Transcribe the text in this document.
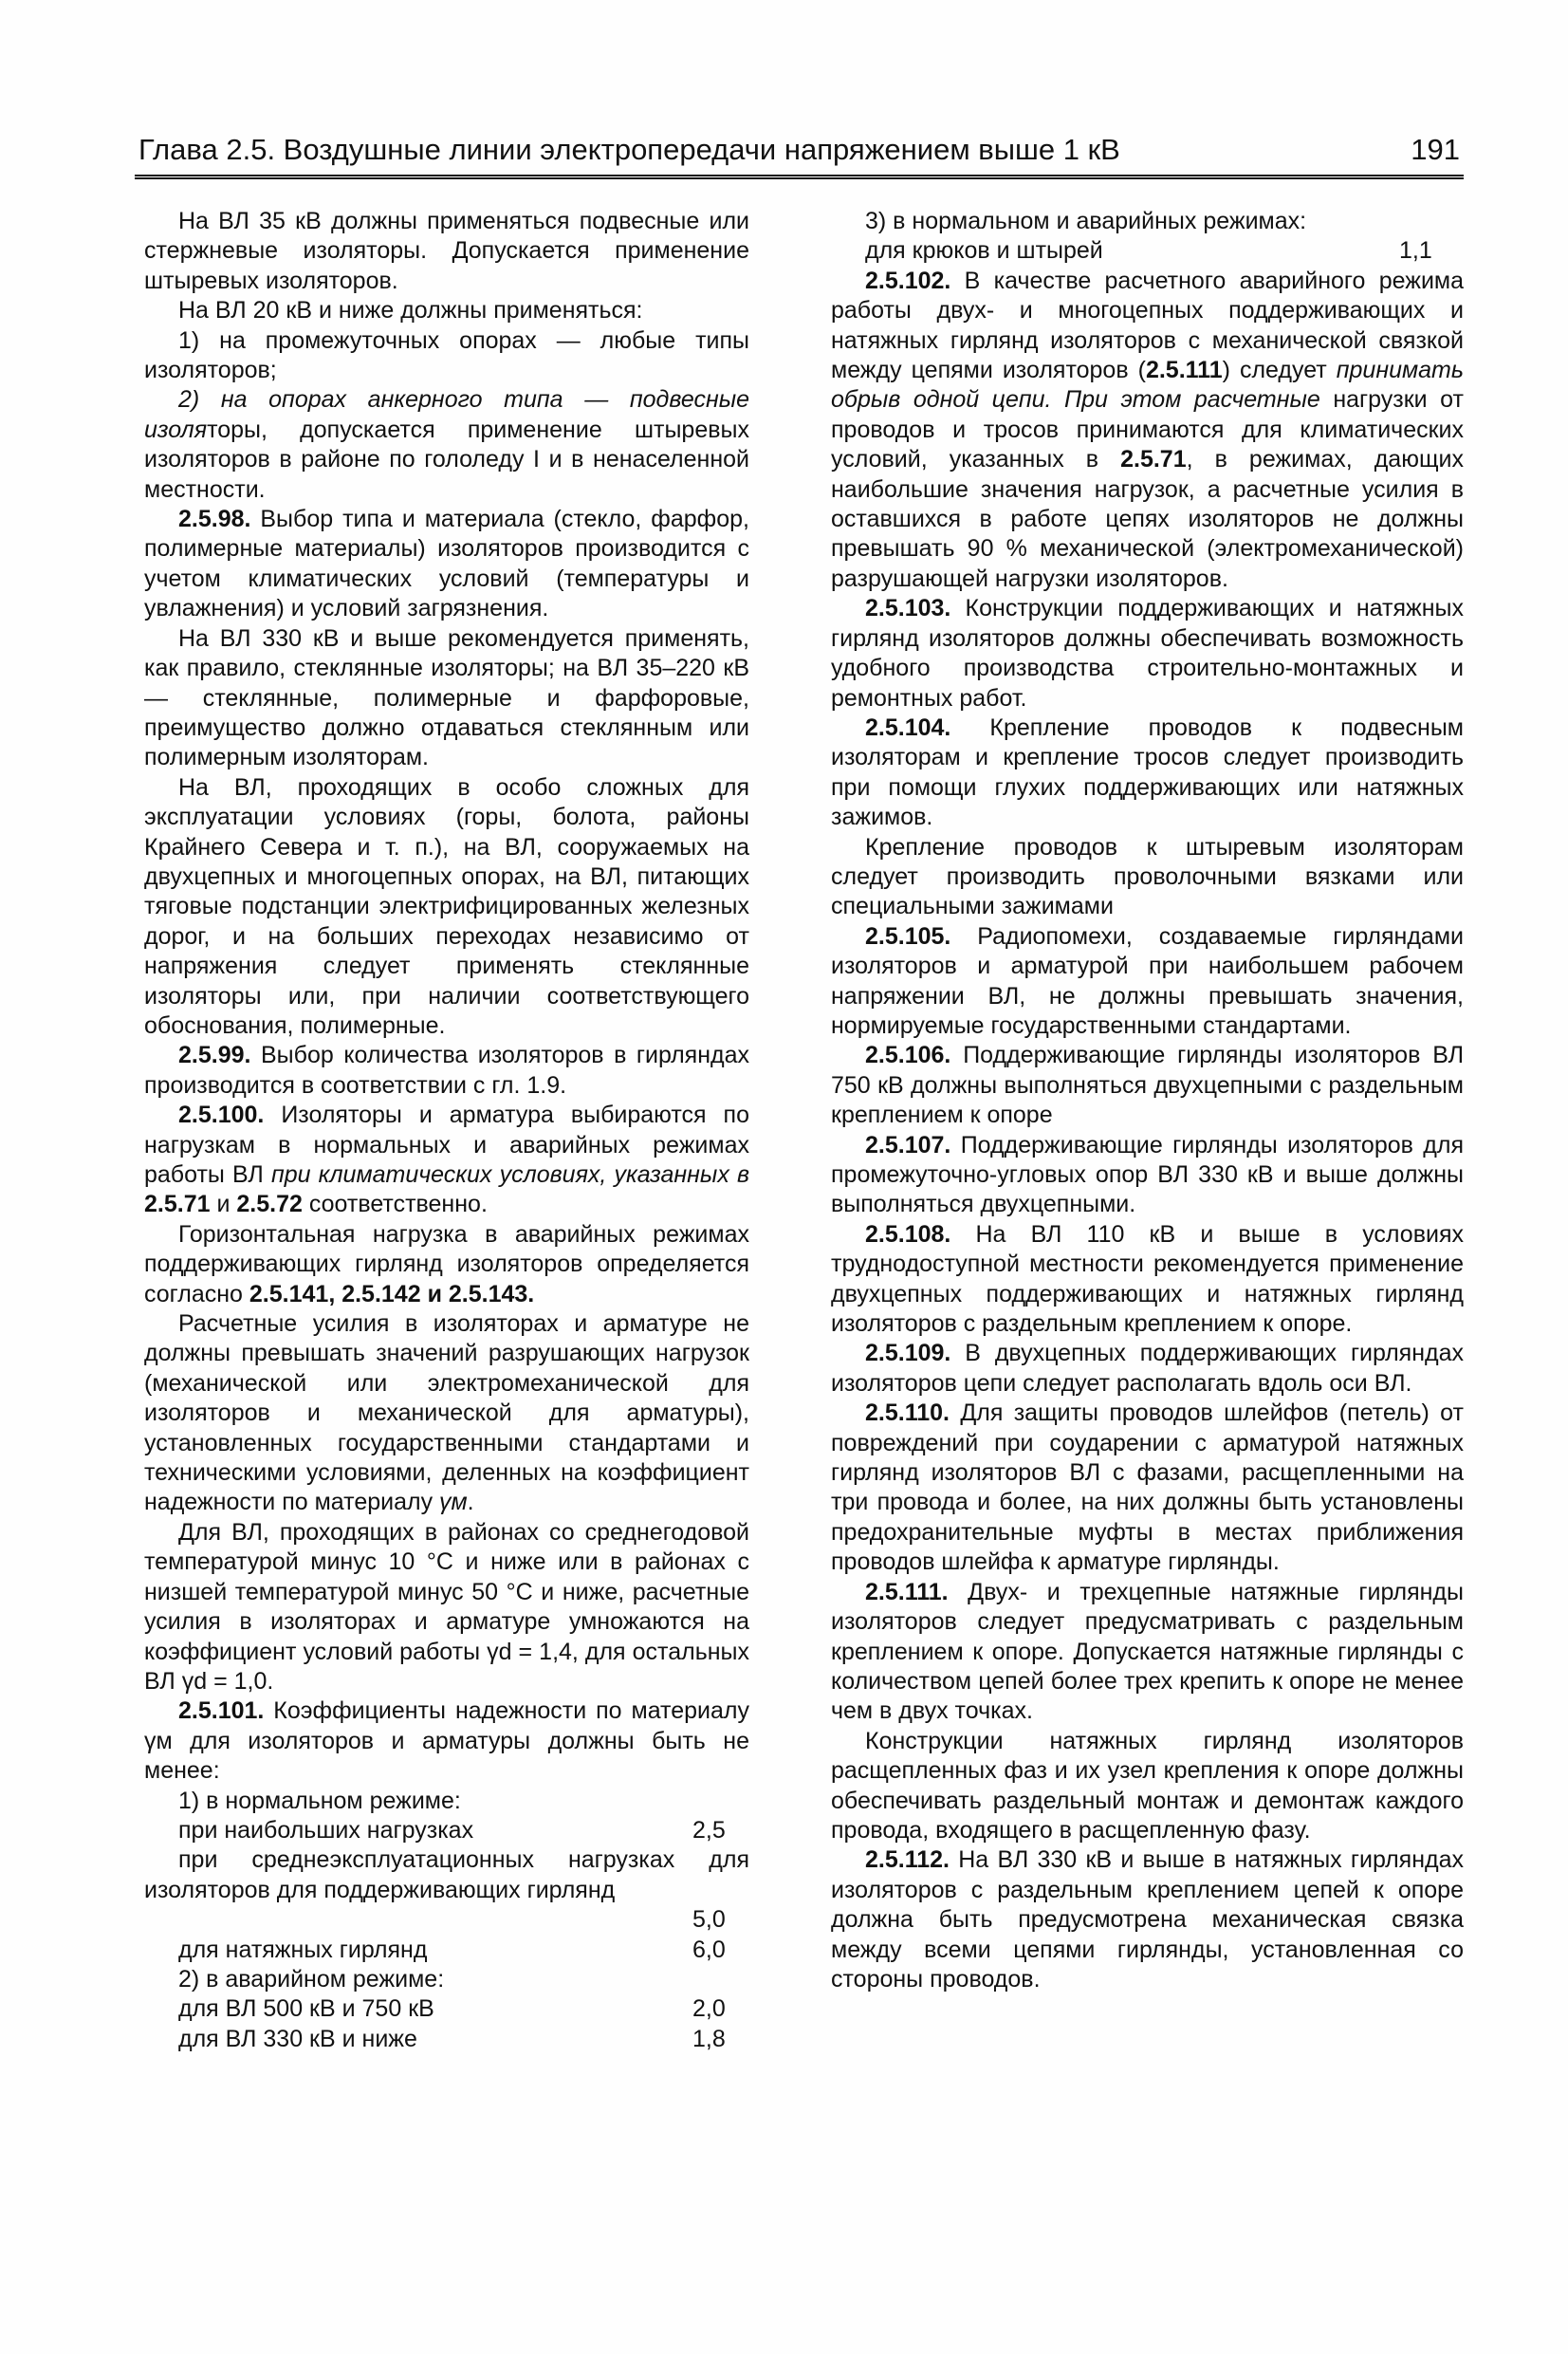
Глава 2.5. Воздушные линии электропередачи напряжением выше 1 кВ	191

На ВЛ 35 кВ должны применяться подвесные или стержневые изоляторы. Допускается применение штыревых изоляторов.

На ВЛ 20 кВ и ниже должны применяться:

1) на промежуточных опорах — любые типы изоляторов;

2) на опорах анкерного типа — подвесные изоляторы, допускается применение штыревых изоляторов в районе по гололеду I и в ненаселенной местности.

2.5.98. Выбор типа и материала (стекло, фарфор, полимерные материалы) изоляторов производится с учетом климатических условий (температуры и увлажнения) и условий загрязнения.

На ВЛ 330 кВ и выше рекомендуется применять, как правило, стеклянные изоляторы; на ВЛ 35–220 кВ — стеклянные, полимерные и фарфоровые, преимущество должно отдаваться стеклянным или полимерным изоляторам.

На ВЛ, проходящих в особо сложных для эксплуатации условиях (горы, болота, районы Крайнего Севера и т. п.), на ВЛ, сооружаемых на двухцепных и многоцепных опорах, на ВЛ, питающих тяговые подстанции электрифицированных железных дорог, и на больших переходах независимо от напряжения следует применять стеклянные изоляторы или, при наличии соответствующего обоснования, полимерные.

2.5.99. Выбор количества изоляторов в гирляндах производится в соответствии с гл. 1.9.

2.5.100. Изоляторы и арматура выбираются по нагрузкам в нормальных и аварийных режимах работы ВЛ при климатических условиях, указанных в 2.5.71 и 2.5.72 соответственно.

Горизонтальная нагрузка в аварийных режимах поддерживающих гирлянд изоляторов определяется согласно 2.5.141, 2.5.142 и 2.5.143.

Расчетные усилия в изоляторах и арматуре не должны превышать значений разрушающих нагрузок (механической или электромеханической для изоляторов и механической для арматуры), установленных государственными стандартами и техническими условиями, деленных на коэффициент надежности по материалу γм.

Для ВЛ, проходящих в районах со среднегодовой температурой минус 10 °С и ниже или в районах с низшей температурой минус 50 °С и ниже, расчетные усилия в изоляторах и арматуре умножаются на коэффициент условий работы γd = 1,4, для остальных ВЛ γd = 1,0.

2.5.101. Коэффициенты надежности по материалу γм для изоляторов и арматуры должны быть не менее:

1) в нормальном режиме:

при наибольших нагрузках	2,5

при среднеэксплуатационных нагрузках для изоляторов для поддерживающих гирлянд

5,0
для натяжных гирлянд	6,0

2) в аварийном режиме:

для ВЛ 500 кВ и 750 кВ	2,0
для ВЛ 330 кВ и ниже	1,8

3) в нормальном и аварийных режимах:

для крюков и штырей	1,1

2.5.102. В качестве расчетного аварийного режима работы двух- и многоцепных поддерживающих и натяжных гирлянд изоляторов с механической связкой между цепями изоляторов (2.5.111) следует принимать обрыв одной цепи. При этом расчетные нагрузки от проводов и тросов принимаются для климатических условий, указанных в 2.5.71, в режимах, дающих наибольшие значения нагрузок, а расчетные усилия в оставшихся в работе цепях изоляторов не должны превышать 90 % механической (электромеханической) разрушающей нагрузки изоляторов.

2.5.103. Конструкции поддерживающих и натяжных гирлянд изоляторов должны обеспечивать возможность удобного производства строительно-монтажных и ремонтных работ.

2.5.104. Крепление проводов к подвесным изоляторам и крепление тросов следует производить при помощи глухих поддерживающих или натяжных зажимов.

Крепление проводов к штыревым изоляторам следует производить проволочными вязками или специальными зажимами

2.5.105. Радиопомехи, создаваемые гирляндами изоляторов и арматурой при наибольшем рабочем напряжении ВЛ, не должны превышать значения, нормируемые государственными стандартами.

2.5.106. Поддерживающие гирлянды изоляторов ВЛ 750 кВ должны выполняться двухцепными с раздельным креплением к опоре

2.5.107. Поддерживающие гирлянды изоляторов для промежуточно-угловых опор ВЛ 330 кВ и выше должны выполняться двухцепными.

2.5.108. На ВЛ 110 кВ и выше в условиях труднодоступной местности рекомендуется применение двухцепных поддерживающих и натяжных гирлянд изоляторов с раздельным креплением к опоре.

2.5.109. В двухцепных поддерживающих гирляндах изоляторов цепи следует располагать вдоль оси ВЛ.

2.5.110. Для защиты проводов шлейфов (петель) от повреждений при соударении с арматурой натяжных гирлянд изоляторов ВЛ с фазами, расщепленными на три провода и более, на них должны быть установлены предохранительные муфты в местах приближения проводов шлейфа к арматуре гирлянды.

2.5.111. Двух- и трехцепные натяжные гирлянды изоляторов следует предусматривать с раздельным креплением к опоре. Допускается натяжные гирлянды с количеством цепей более трех крепить к опоре не менее чем в двух точках.

Конструкции натяжных гирлянд изоляторов расщепленных фаз и их узел крепления к опоре должны обеспечивать раздельный монтаж и демонтаж каждого провода, входящего в расщепленную фазу.

2.5.112. На ВЛ 330 кВ и выше в натяжных гирляндах изоляторов с раздельным креплением цепей к опоре должна быть предусмотрена механическая связка между всеми цепями гирлянды, установленная со стороны проводов.
